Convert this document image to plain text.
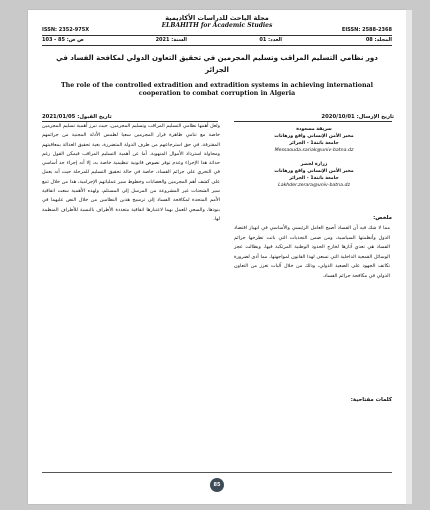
مجلة الباحث للدراسات الأكاديمية
ELBAHITH for Academic Studies
ISSN: 2352-975X	EISSN: 2588-2368
المجلد: 08
العدد: 01
السنة: 2021
ص ص: 85 - 103
دور نظامي التسليم المراقب وتسليم المجرمين في تحقيق التعاون الدولي لمكافحة الفساد في الجزائر
The role of the controlled extradition and extradition systems in achieving international cooperation to combat corruption in Algeria
تاريخ الإرسال: 2020/10/01
تاريخ القبول: 2021/01/05
سريقة مسعودة
مخبر الأمن الإنساني واقع ورهانات
جامعة باتنة1 - الجزائر
Messaouda.sariak@univ-batna.dz
زرارة لخضر
مخبر الأمن الإنساني واقع ورهانات
جامعة باتنة1 - الجزائر
Lakhder.zerara@univ-batna.dz
ملخص:
مما لا شك فيه أن الفساد أصبح العامل الرئيسي والأساسي في انهيار اقتصاد الدول وأنظمتها السياسية، ومن ضمن التحديات التي باتت تطرحها جرائم الفساد هي تعدي آثارها لخارج الحدود الوطنية المرتكبة فيها، وبطالت عجز الوسائل القمعية الداخلية التي تسعى لهذا القانون لمواجهتها، مما أدى لضرورة تكاتف الجهود على الصعيد الدولي، وذلك من خلال آليات تعزز من التعاون الدولي في مكافحة جرائم الفساد.
كلمات مفتاحية:
ولعل أهمها نظامي التسليم المراقب وتسليم المجرمين، حيث تبرز أهمية تسليم المجرمين خاصة مع تنامي ظاهرة فرار المجرمين سعيا لطمس الأدلة المجنية من جرائمهم المقترفة، في حق استرجاعهم من طرف الدولة المتضررة، بغية تحقيق العدالة بمعاقبتهم ومحاولة استرداد الأموال المنهوبة. أما عن أهمية التسليم المراقب فيمكن القول رغم حداثة هذا الإجراء وعدم توفر نصوص قانونية تنظيمية خاصة به، إلا أنه إجراء جد أساسي في التحري على جرائم الفساد، خاصة في حالة تحقيق التسليم للمرحلة حيث أنه يعمل على كشف أهم المجرمين والعصابات وخطوط سير عملياتهم الإجرامية، هذا من خلال تتبع سير الشحنات غير المشروعة من المرسل إلى المستلم، ولهذه الأهمية سعت اتفاقية الأمم المتحدة لمكافحة الفساد إلى ترسيخ هذين النظامين من خلال النص عليهما في بنودها، والسعي للعمل بهما لاعتبارها اتفاقية متعددة الأطراف بالنسبة للأطراف المنظمة لها.
85
